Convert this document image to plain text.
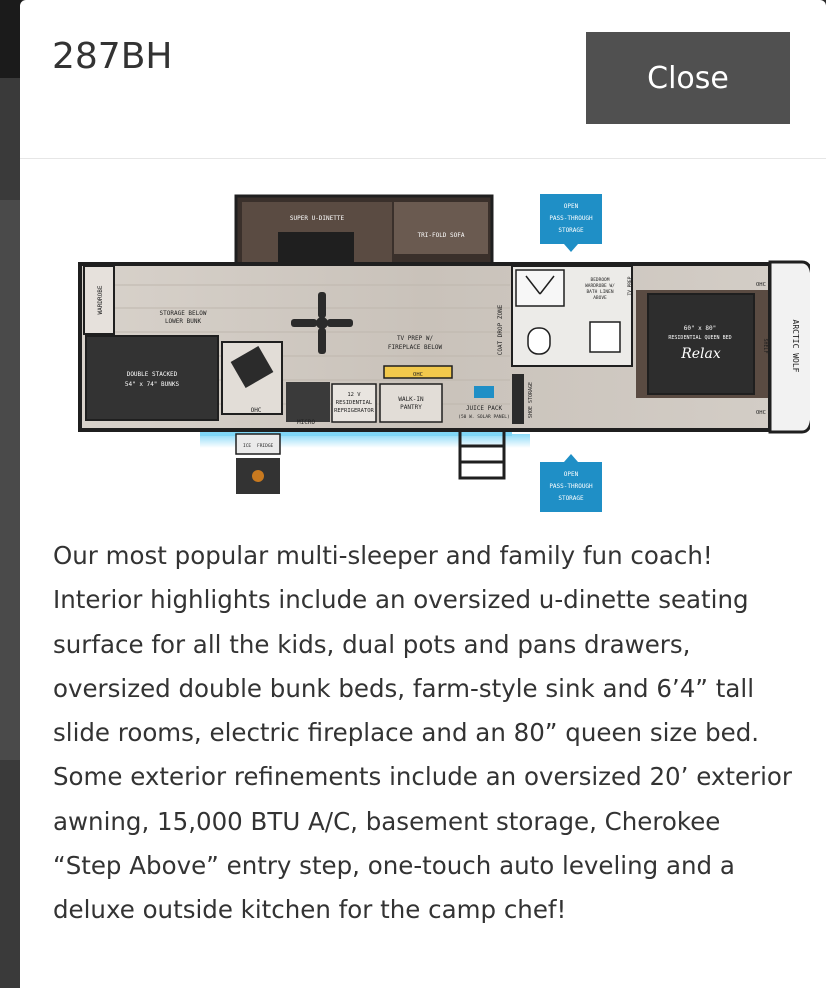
287BH
Close
SUPER U-DINETTE
TRI-FOLD SOFA
WARDROBE
DOUBLE STACKED
54" x 74" BUNKS
STORAGE BELOW
LOWER BUNK
OHC
MICRO
12 V
RESIDENTIAL
REFRIGERATOR
TV PREP W/
FIREPLACE BELOW
OHC
WALK-IN
PANTRY	JUICE PACK
(50 W. SOLAR PANEL)
COAT DROP ZONE
BEDROOM
WARDROBE W/
BATH LINEN
ABOVE
TV PREP
SHOE STORAGE
60" x 80"
RESIDENTIAL QUEEN BED
Relax
OHC
OHC
SHELF	ARCTIC WOLF
ICE FRIDGE
OPEN
PASS-THROUGH
STORAGE
OPEN
PASS-THROUGH
STORAGE

Our most popular multi-sleeper and family fun coach! Interior highlights include an oversized u-dinette seating surface for all the kids, dual pots and pans drawers, oversized double bunk beds, farm-style sink and 6’4” tall slide rooms, electric fireplace and an 80” queen size bed. Some exterior refinements include an oversized 20’ exterior awning, 15,000 BTU A/C, basement storage, Cherokee “Step Above” entry step, one-touch auto leveling and a deluxe outside kitchen for the camp chef!
